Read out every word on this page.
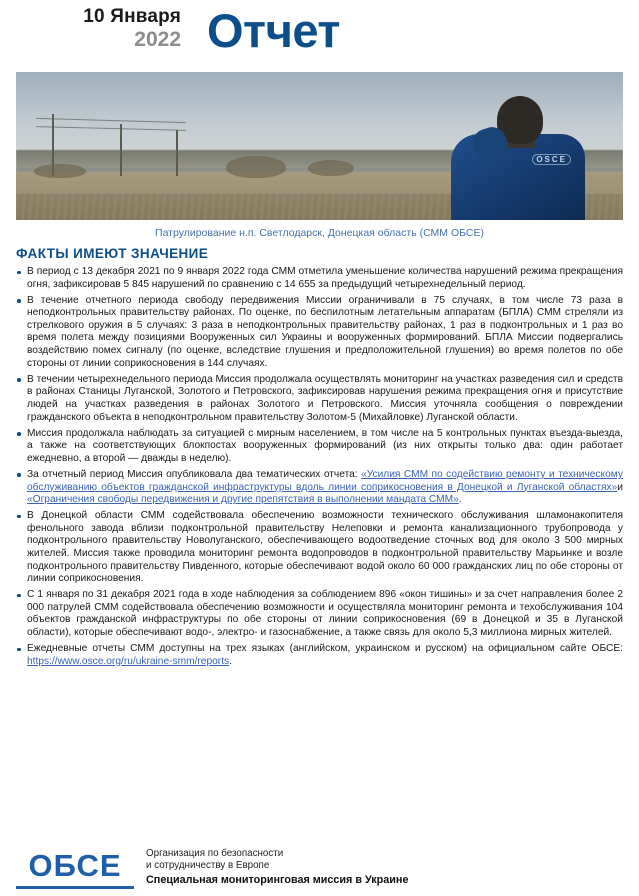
10 Января
2022 Отчет
OSCE
Патрулирование н.п. Светлодарск, Донецкая область (СММ ОБСЕ)
ФАКТЫ ИМЕЮТ ЗНАЧЕНИЕ
В период с 13 декабря 2021 по 9 января 2022 года СММ отметила уменьшение количества нарушений режима прекращения огня, зафиксировав 5 845 нарушений по сравнению с 14 655 за предыдущий четырехнедельный период.
В течение отчетного периода свободу передвижения Миссии ограничивали в 75 случаях, в том числе 73 раза в неподконтрольных правительству районах. По оценке, по беспилотным летательным аппаратам (БПЛА) СММ стреляли из стрелкового оружия в 5 случаях: 3 раза в неподконтрольных правительству районах, 1 раз в подконтрольных и 1 раз во время полета между позициями Вооруженных сил Украины и вооруженных формирований. БПЛА Миссии подвергались воздействию помех сигналу (по оценке, вследствие глушения и предположительной глушения) во время полетов по обе стороны от линии соприкосновения в 144 случаях.
В течении четырехнедельного периода Миссия продолжала осуществлять мониторинг на участках разведения сил и средств в районах Станицы Луганской, Золотого и Петровского, зафиксировав нарушения режима прекращения огня и присутствие людей на участках разведения в районах Золотого и Петровского. Миссия уточняла сообщения о повреждении гражданского объекта в неподконтрольном правительству Золотом-5 (Михайловке) Луганской области.
Миссия продолжала наблюдать за ситуацией с мирным населением, в том числе на 5 контрольных пунктах въезда-выезда, а также на соответствующих блокпостах вооруженных формирований (из них открыты только два: один работает ежедневно, а второй — дважды в неделю).
За отчетный период Миссия опубликовала два тематических отчета: «Усилия СММ по содействию ремонту и техническому обслуживанию объектов гражданской инфраструктуры вдоль линии соприкосновения в Донецкой и Луганской областях»и «Ограничения свободы передвижения и другие препятствия в выполнении мандата СММ».
В Донецкой области СММ содействовала обеспечению возможности технического обслуживания шламонакопителя фенольного завода вблизи подконтрольной правительству Нелеповки и ремонта канализационного трубопровода у подконтрольного правительству Новолуганского, обеспечивающего водоотведение сточных вод для около 3 500 мирных жителей. Миссия также проводила мониторинг ремонта водопроводов в подконтрольной правительству Марьинке и возле подконтрольного правительству Пивденного, которые обеспечивают водой около 60 000 гражданских лиц по обе стороны от линии соприкосновения.
С 1 января по 31 декабря 2021 года в ходе наблюдения за соблюдением 896 «окон тишины» и за счет направления более 2 000 патрулей СММ содействовала обеспечению возможности и осуществляла мониторинг ремонта и техобслуживания 104 объектов гражданской инфраструктуры по обе стороны от линии соприкосновения (69 в Донецкой и 35 в Луганской области), которые обеспечивают водо-, электро- и газоснабжение, а также связь для около 5,3 миллиона мирных жителей.
Ежедневные отчеты СММ доступны на трех языках (английском, украинском и русском) на официальном сайте ОБСЕ: https://www.osce.org/ru/ukraine-smm/reports.
ОБСЕ	Организация по безопасности
и сотрудничеству в Европе
Специальная мониторинговая миссия в Украине
